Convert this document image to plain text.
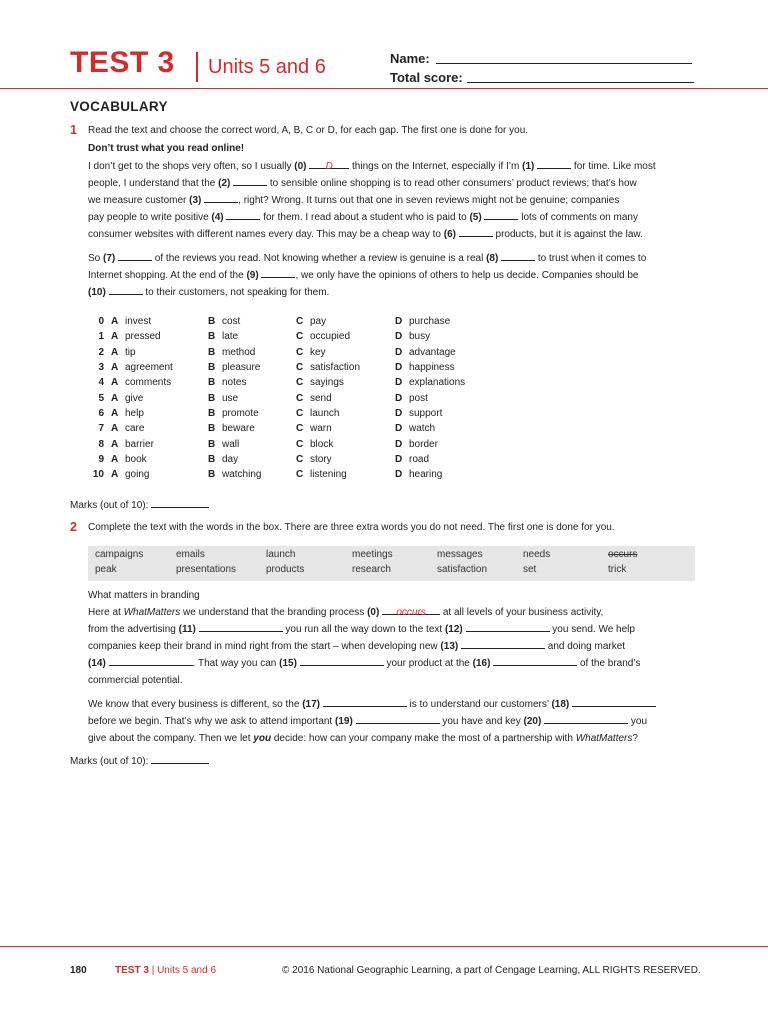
TEST 3 Units 5 and 6	Name:
Total score:
VOCABULARY
1 Read the text and choose the correct word, A, B, C or D, for each gap. The first one is done for you.
Don’t trust what you read online!
I don’t get to the shops very often, so I usually (0) D things on the Internet, especially if I’m (1)	for time. Like most
people, I understand that the (2)	to sensible online shopping is to read other consumers’ product reviews; that’s how
we measure customer (3)	, right? Wrong. It turns out that one in seven reviews might not be genuine; companies
pay people to write positive (4)	for them. I read about a student who is paid to (5)	lots of comments on many
consumer websites with different names every day. This may be a cheap way to (6)	products, but it is against the law.
So (7)	of the reviews you read. Not knowing whether a review is genuine is a real (8)	to trust when it comes to
Internet shopping. At the end of the (9)	, we only have the opinions of others to help us decide. Companies should be
(10)	to their customers, not speaking for them.
0	A	invest	B	cost	C	pay	D	purchase
1	A	pressed	B	late	C	occupied	D	busy
2	A	tip	B	method	C	key	D	advantage
3	A	agreement	B	pleasure	C	satisfaction	D	happiness
4	A	comments	B	notes	C	sayings	D	explanations
5	A	give	B	use	C	send	D	post
6	A	help	B	promote	C	launch	D	support
7	A	care	B	beware	C	warn	D	watch
8	A	barrier	B	wall	C	block	D	border
9	A	book	B	day	C	story	D	road
10	A	going	B	watching	C	listening	D	hearing
Marks (out of 10):
2 Complete the text with the words in the box. There are three extra words you do not need. The first one is done for you.
campaigns	emails	launch	meetings	messages	needs	occurs
peak	presentations	products	research	satisfaction	set	trick
What matters in branding
Here at WhatMatters we understand that the branding process (0) occurs at all levels of your business activity,
from the advertising (11)	you run all the way down to the text (12)	you send. We help
companies keep their brand in mind right from the start – when developing new (13)	and doing market
(14)	. That way you can (15)	your product at the (16)	of the brand’s
commercial potential.
We know that every business is different, so the (17)	is to understand our customers’ (18)
before we begin. That’s why we ask to attend important (19)	you have and key (20)	you
give about the company. Then we let you decide: how can your company make the most of a partnership with WhatMatters?
Marks (out of 10):
180	TEST 3 | Units 5 and 6	© 2016 National Geographic Learning, a part of Cengage Learning, ALL RIGHTS RESERVED.
